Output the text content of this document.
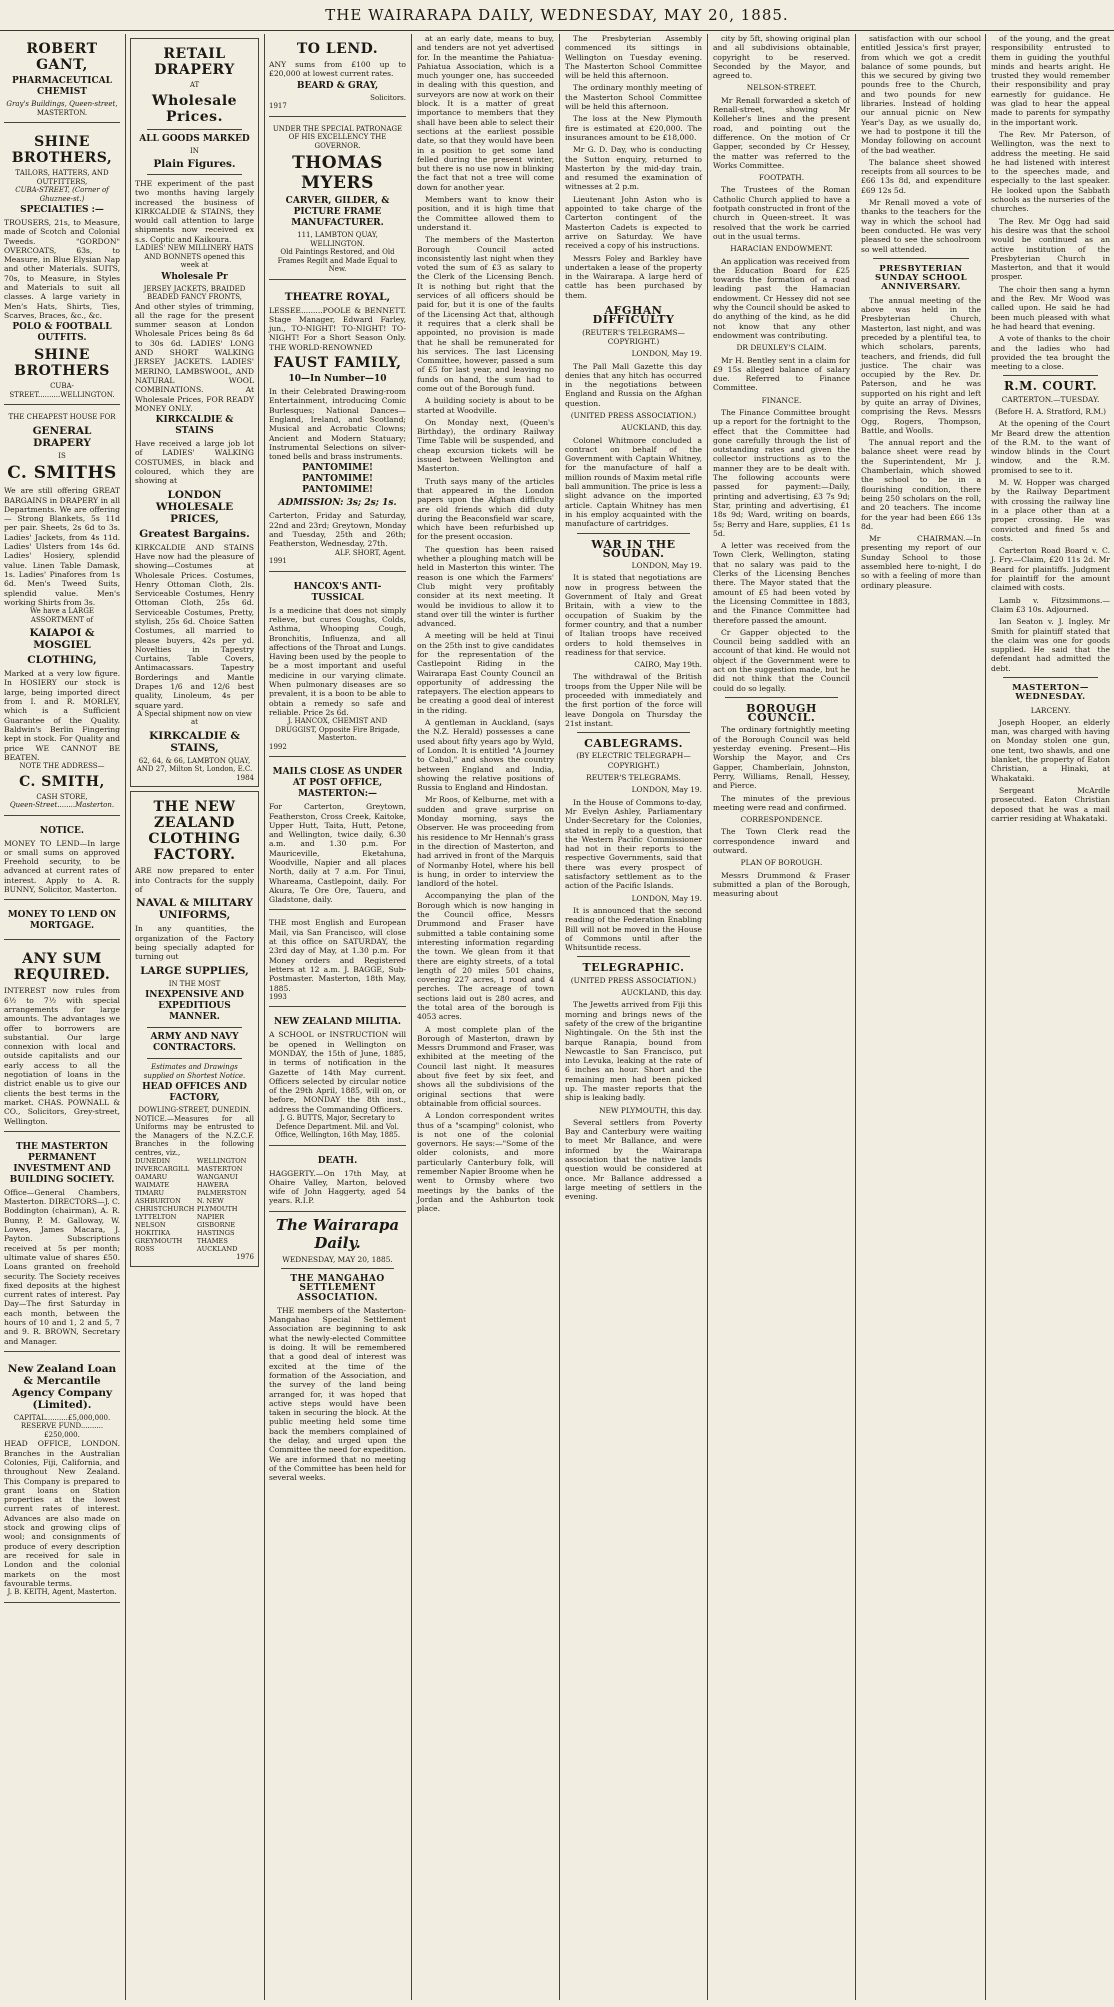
THE WAIRARAPA DAILY, WEDNESDAY, MAY 20, 1885.
ROBERT GANT,
PHARMACEUTICAL CHEMIST
Gray's Buildings, Queen-street,
MASTERTON.
SHINE BROTHERS,
TAILORS, HATTERS, AND OUTFITTERS,
CUBA-STREET, (Corner of Ghuznee-st.)
SPECIALTIES :—
TROUSERS, 21s, to Measure, made of Scotch and Colonial Tweeds. "GORDON" OVERCOATS, 63s, to Measure, in Blue Elysian Nap and other Materials. SUITS, 70s, to Measure, in Styles and Materials to suit all classes. A large variety in Men's Hats, Shirts, Ties, Scarves, Braces, &c., &c.
POLO & FOOTBALL OUTFITS.
SHINE BROTHERS
CUBA-STREET..........WELLINGTON.
THE CHEAPEST HOUSE FOR
GENERAL DRAPERY
IS
C. SMITHS
We are still offering GREAT BARGAINS in DRAPERY in all Departments. We are offering— Strong Blankets, 5s 11d per pair. Sheets, 2s 6d to 3s. Ladies' Jackets, from 4s 11d. Ladies' Ulsters from 14s 6d. Ladies' Hosiery, splendid value. Linen Table Damask, 1s. Ladies' Pinafores from 1s 6d. Men's Tweed Suits, splendid value. Men's working Shirts from 3s.
We have a LARGE ASSORTMENT of
KAIAPOI & MOSGIEL
CLOTHING,
Marked at a very low figure. In HOSIERY our stock is large, being imported direct from I. and R. MORLEY, which is a Sufficient Guarantee of the Quality. Baldwin's Berlin Fingering kept in stock. For Quality and price WE CANNOT BE BEATEN.
NOTE THE ADDRESS—
C. SMITH,
CASH STORE,
Queen-Street........Masterton.
NOTICE.
MONEY TO LEND—In large or small sums on approved Freehold security, to be advanced at current rates of interest. Apply to A. R. BUNNY, Solicitor, Masterton.
MONEY TO LEND ON MORTGAGE.
ANY SUM REQUIRED.
INTEREST now rules from 6½ to 7½ with special arrangements for large amounts. The advantages we offer to borrowers are substantial. Our large connexion with local and outside capitalists and our early access to all the negotiation of loans in the district enable us to give our clients the best terms in the market. CHAS. POWNALL & CO., Solicitors, Grey-street, Wellington.
THE MASTERTON PERMANENT INVESTMENT AND BUILDING SOCIETY.
Office—General Chambers, Masterton. DIRECTORS—J. C. Boddington (chairman), A. R. Bunny, P. M. Galloway, W. Lowes, James Macara, J. Payton. Subscriptions received at 5s per month; ultimate value of shares £50. Loans granted on freehold security. The Society receives fixed deposits at the highest current rates of interest. Pay Day—The first Saturday in each month, between the hours of 10 and 1, 2 and 5, 7 and 9. R. BROWN, Secretary and Manager.
New Zealand Loan & Mercantile Agency Company (Limited).
CAPITAL..........£5,000,000.
RESERVE FUND..........£250,000.
HEAD OFFICE, LONDON. Branches in the Australian Colonies, Fiji, California, and throughout New Zealand. This Company is prepared to grant loans on Station properties at the lowest current rates of interest. Advances are also made on stock and growing clips of wool; and consignments of produce of every description are received for sale in London and the colonial markets on the most favourable terms.
J. B. KEITH, Agent, Masterton.
RETAIL DRAPERY
AT
Wholesale Prices.
ALL GOODS MARKED
IN
Plain Figures.
THE experiment of the past two months having largely increased the business of KIRKCALDIE & STAINS, they would call attention to large shipments now received ex s.s. Coptic and Kaikoura.
LADIES' NEW MILLINERY HATS AND BONNETS opened this week at
Wholesale Pr
JERSEY JACKETS, BRAIDED BEADED FANCY FRONTS,
And other styles of trimming, all the rage for the present summer season at London Wholesale Prices being 8s 6d to 30s 6d. LADIES' LONG AND SHORT WALKING JERSEY JACKETS. LADIES' MERINO, LAMBSWOOL, AND NATURAL WOOL COMBINATIONS. At Wholesale Prices, FOR READY MONEY ONLY.
KIRKCALDIE & STAINS
Have received a large job lot of LADIES' WALKING COSTUMES, in black and coloured, which they are showing at
LONDON WHOLESALE PRICES,
Greatest Bargains.
KIRKCALDIE AND STAINS Have now had the pleasure of showing—Costumes at Wholesale Prices. Costumes, Henry Ottoman Cloth, 2ls. Serviceable Costumes, Henry Ottoman Cloth, 25s 6d. Serviceable Costumes, Pretty, stylish, 25s 6d. Choice Satten Costumes, all married to please buyers, 42s per yd. Novelties in Tapestry Curtains, Table Covers, Antimacassars. Tapestry Borderings and Mantle Drapes 1/6 and 12/6 best quality, Linoleum, 4s per square yard.
A Special shipment now on view at
KIRKCALDIE & STAINS,
62, 64, & 66, LAMBTON QUAY, AND 27, Milton St, London, E.C.
1984
THE NEW ZEALAND CLOTHING FACTORY.
ARE now prepared to enter into Contracts for the supply of
NAVAL & MILITARY UNIFORMS,
In any quantities, the organization of the Factory being specially adapted for turning out
LARGE SUPPLIES,
IN THE MOST
INEXPENSIVE AND EXPEDITIOUS MANNER.
ARMY AND NAVY CONTRACTORS.
Estimates and Drawings supplied on Shortest Notice.
HEAD OFFICES AND FACTORY,
DOWLING-STREET, DUNEDIN.
NOTICE.—Measures for all Uniforms may be entrusted to the Managers of the N.Z.C.F. Branches in the following centres, viz.,
DUNEDIN INVERCARGILL OAMARU WAIMATE TIMARU ASHBURTON CHRISTCHURCH LYTTELTON NELSON HOKITIKA GREYMOUTH ROSS
WELLINGTON MASTERTON WANGANUI HAWERA PALMERSTON N. NEW PLYMOUTH NAPIER GISBORNE HASTINGS THAMES AUCKLAND
1976
TO LEND.
ANY sums from £100 up to £20,000 at lowest current rates.
BEARD & GRAY,
Solicitors.
1917
UNDER THE SPECIAL PATRONAGE OF HIS EXCELLENCY THE GOVERNOR.
THOMAS MYERS
CARVER, GILDER, & PICTURE FRAME MANUFACTURER.
111, LAMBTON QUAY, WELLINGTON.
Old Paintings Restored, and Old Frames Regilt and Made Equal to New.
THEATRE ROYAL,
LESSEE.........POOLE & BENNETT. Stage Manager, Edward Farley, jun., TO-NIGHT! TO-NIGHT! TO-NIGHT! For a Short Season Only. THE WORLD-RENOWNED
FAUST FAMILY,
10—In Number—10
In their Celebrated Drawing-room Entertainment, introducing Comic Burlesques; National Dances—England, Ireland, and Scotland; Musical and Acrobatic Clowns; Ancient and Modern Statuary; Instrumental Selections on silver-toned bells and brass instruments.
PANTOMIME! PANTOMIME! PANTOMIME!
ADMISSION: 3s; 2s; 1s.
Carterton, Friday and Saturday, 22nd and 23rd; Greytown, Monday and Tuesday, 25th and 26th; Featherston, Wednesday, 27th.
ALF. SHORT, Agent.
1991
HANCOX'S ANTI-TUSSICAL
Is a medicine that does not simply relieve, but cures Coughs, Colds, Asthma, Whooping Cough, Bronchitis, Influenza, and all affections of the Throat and Lungs. Having been used by the people to be a most important and useful medicine in our varying climate. When pulmonary diseases are so prevalent, it is a boon to be able to obtain a remedy so safe and reliable. Price 2s 6d.
J. HANCOX, CHEMIST AND DRUGGIST, Opposite Fire Brigade, Masterton.
1992
MAILS CLOSE AS UNDER AT POST OFFICE, MASTERTON:—
For Carterton, Greytown, Featherston, Cross Creek, Kaitoke, Upper Hutt, Taita, Hutt, Petone, and Wellington, twice daily, 6.30 a.m. and 1.30 p.m. For Mauriceville, Eketahuna, Woodville, Napier and all places North, daily at 7 a.m. For Tinui, Whareama, Castlepoint, daily. For Akura, Te Ore Ore, Taueru, and Gladstone, daily.
THE most English and European Mail, via San Francisco, will close at this office on SATURDAY, the 23rd day of May, at 1.30 p.m. For Money orders and Registered letters at 12 a.m. J. BAGGE, Sub-Postmaster. Masterton, 18th May, 1885.
1993
NEW ZEALAND MILITIA.
A SCHOOL or INSTRUCTION will be opened in Wellington on MONDAY, the 15th of June, 1885, in terms of notification in the Gazette of 14th May current. Officers selected by circular notice of the 29th April, 1885, will on, or before, MONDAY the 8th inst., address the Commanding Officers.
J. G. BUTTS, Major, Secretary to Defence Department. Mil. and Vol. Office, Wellington, 16th May, 1885.
DEATH.
HAGGERTY.—On 17th May, at Ohaire Valley, Marton, beloved wife of John Haggerty, aged 54 years. R.I.P.
The Wairarapa Daily.
WEDNESDAY, MAY 20, 1885.
THE MANGAHAO SETTLEMENT ASSOCIATION.

THE members of the Masterton-Mangahao Special Settlement Association are beginning to ask what the newly-elected Committee is doing. It will be remembered that a good deal of interest was excited at the time of the formation of the Association, and the survey of the land being arranged for, it was hoped that active steps would have been taken in securing the block. At the public meeting held some time back the members complained of the delay, and urged upon the Committee the need for expedition. We are informed that no meeting of the Committee has been held for several weeks.

at an early date, means to buy, and tenders are not yet advertised for. In the meantime the Pahiatua-Pahiatua Association, which is a much younger one, has succeeded in dealing with this question, and surveyors are now at work on their block. It is a matter of great importance to members that they shall have been able to select their sections at the earliest possible date, so that they would have been in a position to get some land felled during the present winter, but there is no use now in blinking the fact that not a tree will come down for another year.

Members want to know their position, and it is high time that the Committee allowed them to understand it.

The members of the Masterton Borough Council acted inconsistently last night when they voted the sum of £3 as salary to the Clerk of the Licensing Bench. It is nothing but right that the services of all officers should be paid for, but it is one of the faults of the Licensing Act that, although it requires that a clerk shall be appointed, no provision is made that he shall be remunerated for his services. The last Licensing Committee, however, passed a sum of £5 for last year, and leaving no funds on hand, the sum had to come out of the Borough fund.

A building society is about to be started at Woodville.

On Monday next, (Queen's Birthday), the ordinary Railway Time Table will be suspended, and cheap excursion tickets will be issued between Wellington and Masterton.

Truth says many of the articles that appeared in the London papers upon the Afghan difficulty are old friends which did duty during the Beaconsfield war scare, which have been refurbished up for the present occasion.

The question has been raised whether a ploughing match will be held in Masterton this winter. The reason is one which the Farmers' Club might very profitably consider at its next meeting. It would be invidious to allow it to stand over till the winter is further advanced.

A meeting will be held at Tinui on the 25th inst to give candidates for the representation of the Castlepoint Riding in the Wairarapa East County Council an opportunity of addressing the ratepayers. The election appears to be creating a good deal of interest in the riding.

A gentleman in Auckland, (says the N.Z. Herald) possesses a cane used about fifty years ago by Wyld, of London. It is entitled "A Journey to Cabul," and shows the country between England and India, showing the relative positions of Russia to England and Hindostan.

Mr Roos, of Kelburne, met with a sudden and grave surprise on Monday morning, says the Observer. He was proceeding from his residence to Mr Hennah's grass in the direction of Masterton, and had arrived in front of the Marquis of Normanby Hotel, where his bell is hung, in order to interview the landlord of the hotel.

Accompanying the plan of the Borough which is now hanging in the Council office, Messrs Drummond and Fraser have submitted a table containing some interesting information regarding the town. We glean from it that there are eighty streets, of a total length of 20 miles 501 chains, covering 227 acres, 1 rood and 4 perches. The acreage of town sections laid out is 280 acres, and the total area of the borough is 4053 acres.

A most complete plan of the Borough of Masterton, drawn by Messrs Drummond and Fraser, was exhibited at the meeting of the Council last night. It measures about five feet by six feet, and shows all the subdivisions of the original sections that were obtainable from official sources.

A London correspondent writes thus of a "scamping" colonist, who is not one of the colonial governors. He says:—"Some of the older colonists, and more particularly Canterbury folk, will remember Napier Broome when he went to Ormsby where two meetings by the banks of the Jordan and the Ashburton took place.

The Presbyterian Assembly commenced its sittings in Wellington on Tuesday evening. The Masterton School Committee will be held this afternoon.

The ordinary monthly meeting of the Masterton School Committee will be held this afternoon.

The loss at the New Plymouth fire is estimated at £20,000. The insurances amount to be £18,000.

Mr G. D. Day, who is conducting the Sutton enquiry, returned to Masterton by the mid-day train, and resumed the examination of witnesses at 2 p.m.

Lieutenant John Aston who is appointed to take charge of the Carterton contingent of the Masterton Cadets is expected to arrive on Saturday. We have received a copy of his instructions.

Messrs Foley and Barkley have undertaken a lease of the property in the Wairarapa. A large herd of cattle has been purchased by them.

AFGHAN DIFFICULTY
(REUTER'S TELEGRAMS—COPYRIGHT.)
LONDON, May 19.

The Pall Mall Gazette this day denies that any hitch has occurred in the negotiations between England and Russia on the Afghan question.

(UNITED PRESS ASSOCIATION.)
AUCKLAND, this day.

Colonel Whitmore concluded a contract on behalf of the Government with Captain Whitney, for the manufacture of half a million rounds of Maxim metal rifle ball ammunition. The price is less a slight advance on the imported article. Captain Whitney has men in his employ acquainted with the manufacture of cartridges.

WAR IN THE SOUDAN.
LONDON, May 19.

It is stated that negotiations are now in progress between the Government of Italy and Great Britain, with a view to the occupation of Suakim by the former country, and that a number of Italian troops have received orders to hold themselves in readiness for that service.

CAIRO, May 19th.

The withdrawal of the British troops from the Upper Nile will be proceeded with immediately and the first portion of the force will leave Dongola on Thursday the 21st instant.

CABLEGRAMS.
(BY ELECTRIC TELEGRAPH—COPYRIGHT.)
REUTER'S TELEGRAMS.
LONDON, May 19.

In the House of Commons to-day, Mr Evelyn Ashley, Parliamentary Under-Secretary for the Colonies, stated in reply to a question, that the Western Pacific Commissioner had not in their reports to the respective Governments, said that there was every prospect of satisfactory settlement as to the action of the Pacific Islands.

LONDON, May 19.

It is announced that the second reading of the Federation Enabling Bill will not be moved in the House of Commons until after the Whitsuntide recess.

TELEGRAPHIC.
(UNITED PRESS ASSOCIATION.)
AUCKLAND, this day.

The Jewetts arrived from Fiji this morning and brings news of the safety of the crew of the brigantine Nightingale. On the 5th inst the barque Ranapia, bound from Newcastle to San Francisco, put into Levuka, leaking at the rate of 6 inches an hour. Short and the remaining men had been picked up. The master reports that the ship is leaking badly.

NEW PLYMOUTH, this day.

Several settlers from Poverty Bay and Canterbury were waiting to meet Mr Ballance, and were informed by the Wairarapa association that the native lands question would be considered at once. Mr Ballance addressed a large meeting of settlers in the evening.

city by 5ft, showing original plan and all subdivisions obtainable, copyright to be reserved. Seconded by the Mayor, and agreed to.

NELSON-STREET.

Mr Renall forwarded a sketch of Renall-street, showing Mr Kolleher's lines and the present road, and pointing out the difference. On the motion of Cr Gapper, seconded by Cr Hessey, the matter was referred to the Works Committee.

FOOTPATH.

The Trustees of the Roman Catholic Church applied to have a footpath constructed in front of the church in Queen-street. It was resolved that the work be carried out in the usual terms.

HARACIAN ENDOWMENT.

An application was received from the Education Board for £25 towards the formation of a road leading past the Hamacian endowment. Cr Hessey did not see why the Council should be asked to do anything of the kind, as he did not know that any other endowment was contributing.

DR DEUXLEY'S CLAIM.

Mr H. Bentley sent in a claim for £9 15s alleged balance of salary due. Referred to Finance Committee.

FINANCE.

The Finance Committee brought up a report for the fortnight to the effect that the Committee had gone carefully through the list of outstanding rates and given the collector instructions as to the manner they are to be dealt with. The following accounts were passed for payment:—Daily, printing and advertising, £3 7s 9d; Star, printing and advertising, £1 18s 9d; Ward, writing on boards, 5s; Berry and Hare, supplies, £1 1s 5d.

A letter was received from the Town Clerk, Wellington, stating that no salary was paid to the Clerks of the Licensing Benches there. The Mayor stated that the amount of £5 had been voted by the Licensing Committee in 1883, and the Finance Committee had therefore passed the amount.

Cr Gapper objected to the Council being saddled with an account of that kind. He would not object if the Government were to act on the suggestion made, but he did not think that the Council could do so legally.

BOROUGH COUNCIL.

The ordinary fortnightly meeting of the Borough Council was held yesterday evening. Present—His Worship the Mayor, and Crs Gapper, Chamberlain, Johnston, Perry, Williams, Renall, Hessey, and Pierce.

The minutes of the previous meeting were read and confirmed.

CORRESPONDENCE.

The Town Clerk read the correspondence inward and outward.

PLAN OF BOROUGH.

Messrs Drummond & Fraser submitted a plan of the Borough, measuring about

satisfaction with our school entitled Jessica's first prayer, from which we got a credit balance of some pounds, but this we secured by giving two pounds free to the Church, and two pounds for new libraries. Instead of holding our annual picnic on New Year's Day, as we usually do, we had to postpone it till the Monday following on account of the bad weather.

The balance sheet showed receipts from all sources to be £66 13s 8d, and expenditure £69 12s 5d.

Mr Renall moved a vote of thanks to the teachers for the way in which the school had been conducted. He was very pleased to see the schoolroom so well attended.

PRESBYTERIAN SUNDAY SCHOOL ANNIVERSARY.

The annual meeting of the above was held in the Presbyterian Church, Masterton, last night, and was preceded by a plentiful tea, to which scholars, parents, teachers, and friends, did full justice. The chair was occupied by the Rev. Dr. Paterson, and he was supported on his right and left by quite an array of Divines, comprising the Revs. Messrs Ogg, Rogers, Thompson, Battle, and Woolls.

The annual report and the balance sheet were read by the Superintendent, Mr J. Chamberlain, which showed the school to be in a flourishing condition, there being 250 scholars on the roll, and 20 teachers. The income for the year had been £66 13s 8d.

Mr CHAIRMAN.—In presenting my report of our Sunday School to those assembled here to-night, I do so with a feeling of more than ordinary pleasure.

of the young, and the great responsibility entrusted to them in guiding the youthful minds and hearts aright. He trusted they would remember their responsibility and pray earnestly for guidance. He was glad to hear the appeal made to parents for sympathy in the important work.

The Rev. Mr Paterson, of Wellington, was the next to address the meeting. He said he had listened with interest to the speeches made, and especially to the last speaker. He looked upon the Sabbath schools as the nurseries of the churches.

The Rev. Mr Ogg had said his desire was that the school would be continued as an active institution of the Presbyterian Church in Masterton, and that it would prosper.

The choir then sang a hymn and the Rev. Mr Wood was called upon. He said he had been much pleased with what he had heard that evening.

A vote of thanks to the choir and the ladies who had provided the tea brought the meeting to a close.

R.M. COURT.
CARTERTON.—TUESDAY.
(Before H. A. Stratford, R.M.)

At the opening of the Court Mr Beard drew the attention of the R.M. to the want of window blinds in the Court window, and the R.M. promised to see to it.

M. W. Hopper was charged by the Railway Department with crossing the railway line in a place other than at a proper crossing. He was convicted and fined 5s and costs.

Carterton Road Board v. C. J. Fry.—Claim, £20 11s 2d. Mr Beard for plaintiffs. Judgment for plaintiff for the amount claimed with costs.

Lamb v. Fitzsimmons.—Claim £3 10s. Adjourned.

Ian Seaton v. J. Ingley. Mr Smith for plaintiff stated that the claim was one for goods supplied. He said that the defendant had admitted the debt.

MASTERTON—WEDNESDAY.
LARCENY.

Joseph Hooper, an elderly man, was charged with having on Monday stolen one gun, one tent, two shawls, and one blanket, the property of Eaton Christian, a Hinaki, at Whakataki.

Sergeant McArdle prosecuted. Eaton Christian deposed that he was a mail carrier residing at Whakataki.
